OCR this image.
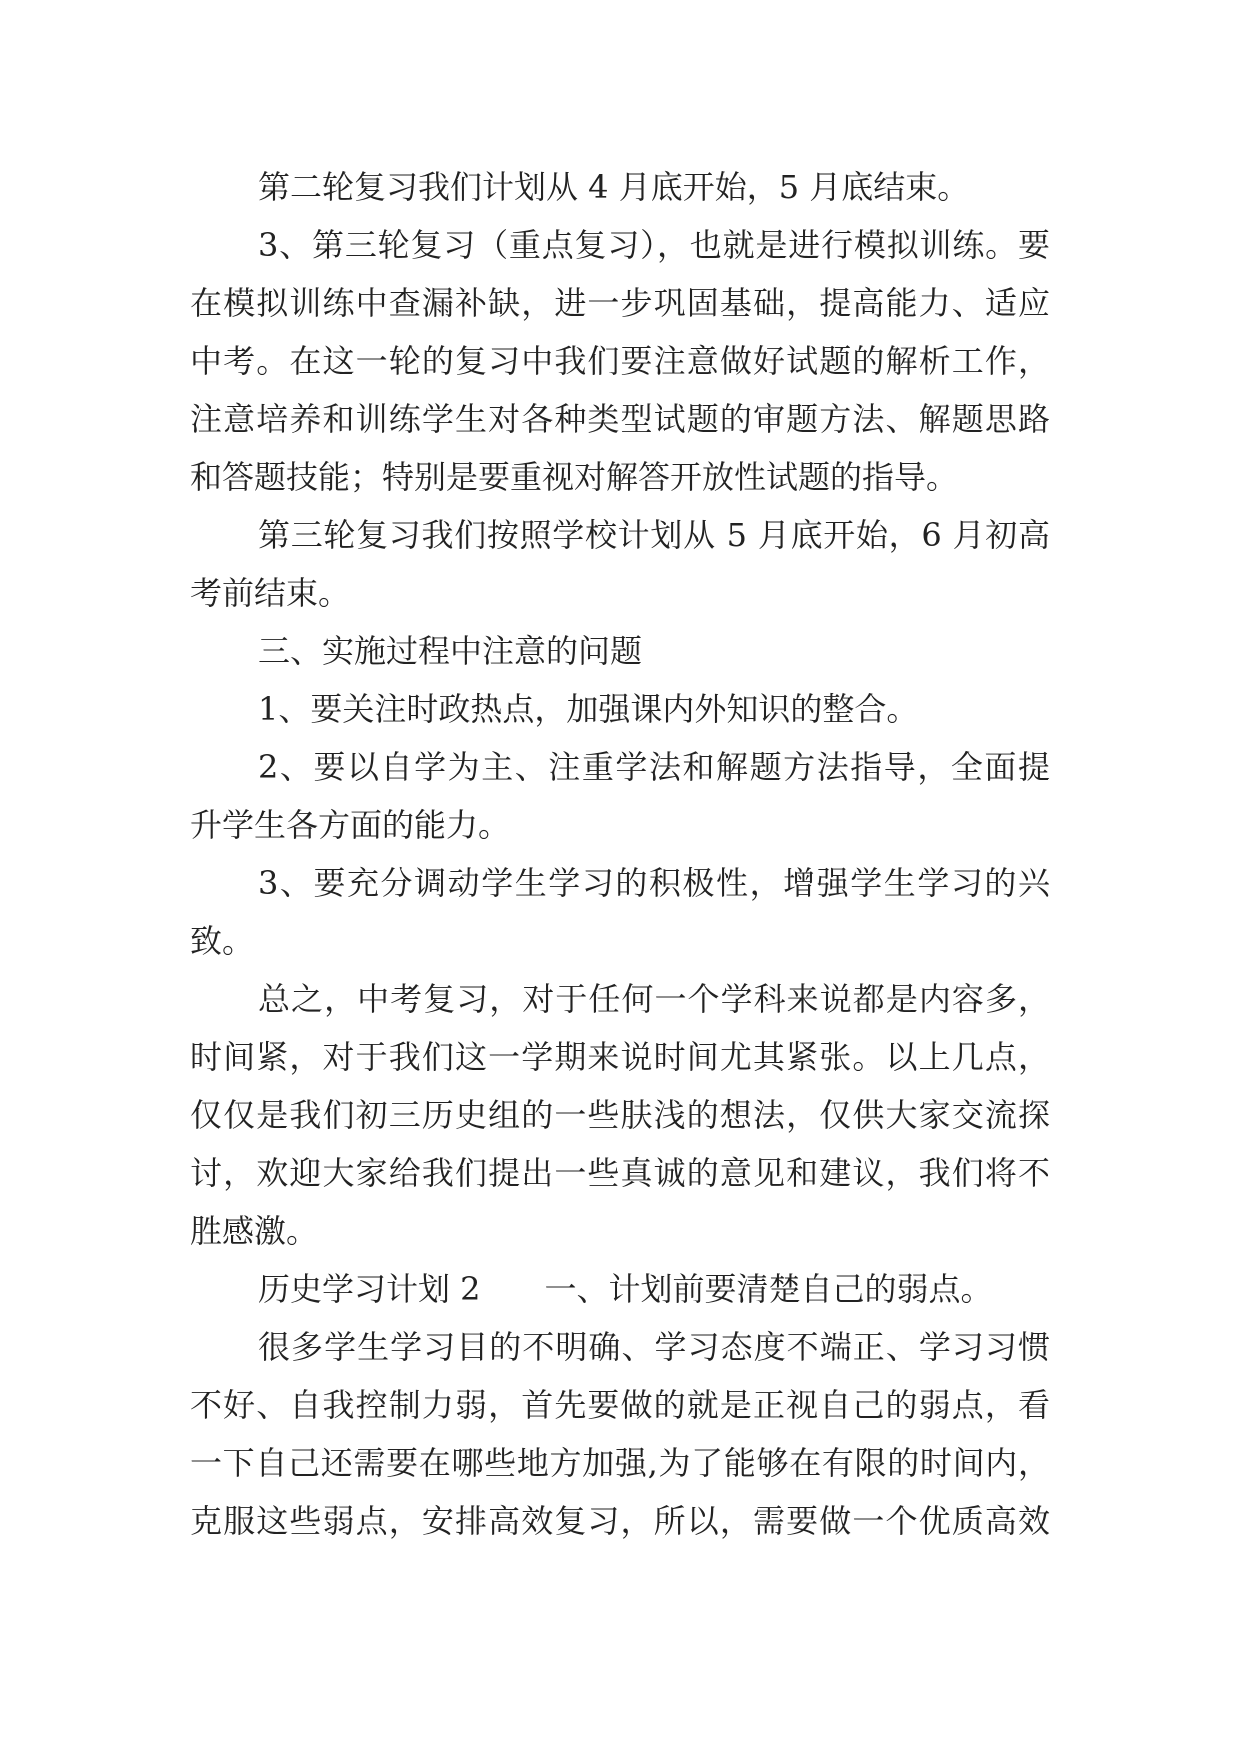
第二轮复习我们计划从 4 月底开始，5 月底结束。
3、第三轮复习（重点复习），也就是进行模拟训练。要
在模拟训练中查漏补缺，进一步巩固基础，提高能力、适应
中考。在这一轮的复习中我们要注意做好试题的解析工作，
注意培养和训练学生对各种类型试题的审题方法、解题思路
和答题技能；特别是要重视对解答开放性试题的指导。
第三轮复习我们按照学校计划从 5 月底开始，6 月初高
考前结束。
三、实施过程中注意的问题
1、要关注时政热点，加强课内外知识的整合。
2、要以自学为主、注重学法和解题方法指导，全面提
升学生各方面的能力。
3、要充分调动学生学习的积极性，增强学生学习的兴
致。
总之，中考复习，对于任何一个学科来说都是内容多，
时间紧，对于我们这一学期来说时间尤其紧张。以上几点，
仅仅是我们初三历史组的一些肤浅的想法，仅供大家交流探
讨，欢迎大家给我们提出一些真诚的意见和建议，我们将不
胜感激。
历史学习计划 2　　一、计划前要清楚自己的弱点。
很多学生学习目的不明确、学习态度不端正、学习习惯
不好、自我控制力弱，首先要做的就是正视自己的弱点，看
一下自己还需要在哪些地方加强,为了能够在有限的时间内，
克服这些弱点，安排高效复习，所以，需要做一个优质高效
